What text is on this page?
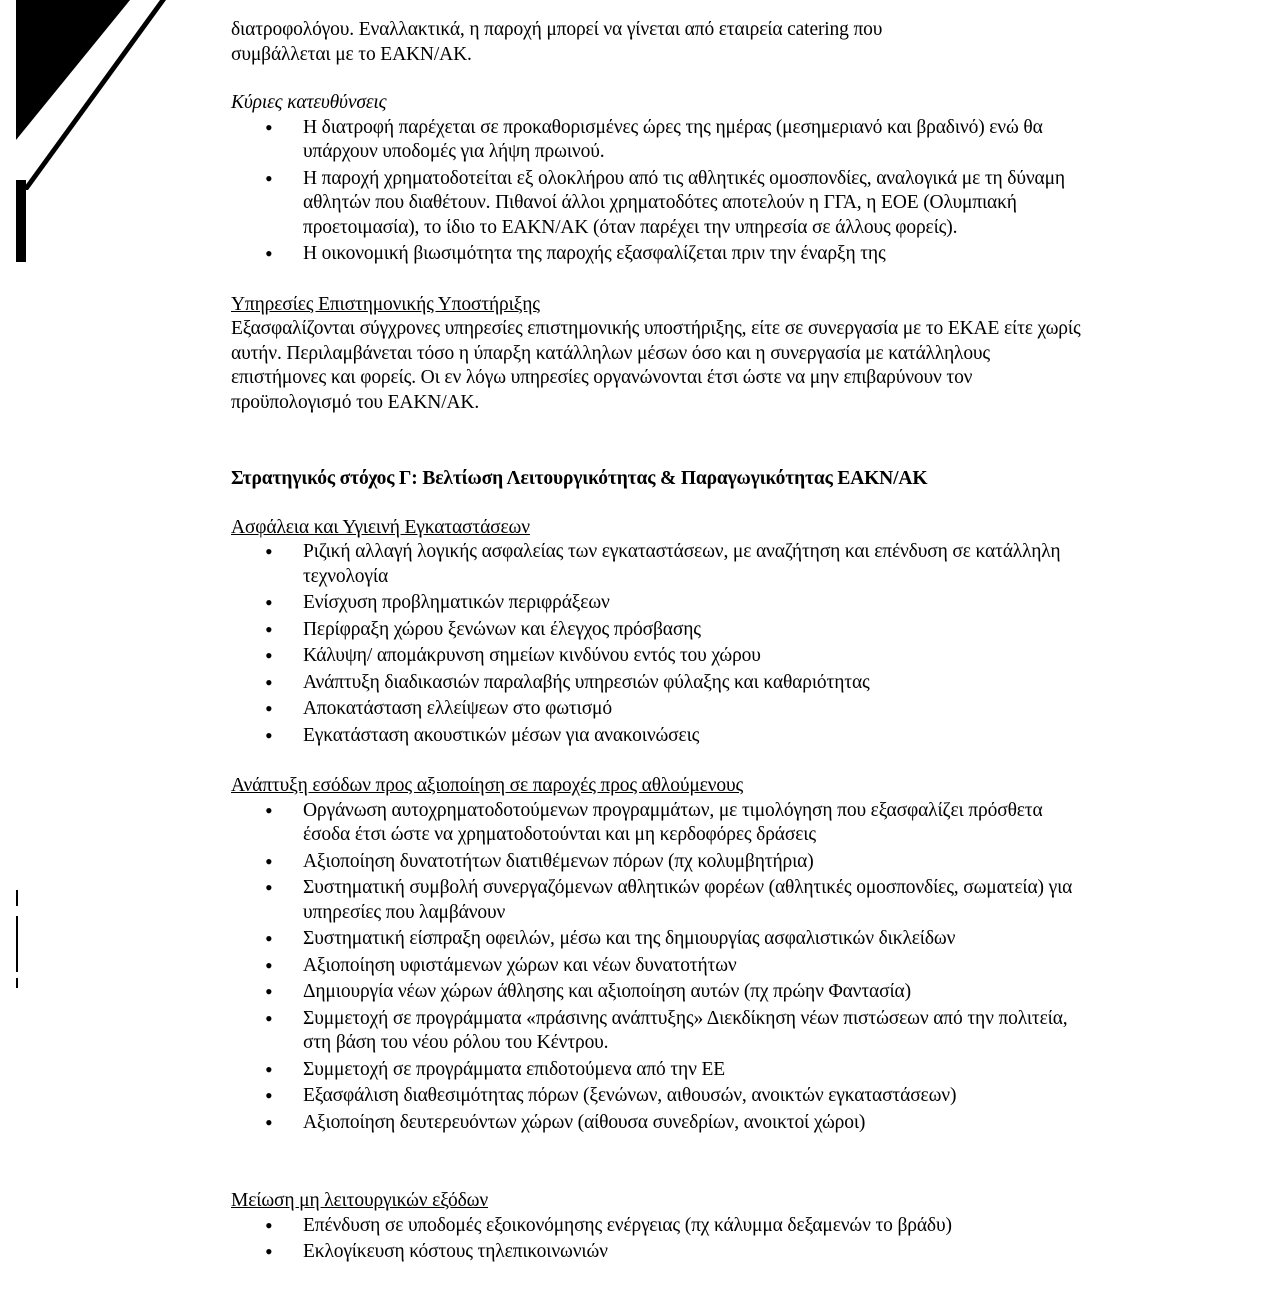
διατροφολόγου. Εναλλακτικά, η παροχή μπορεί να γίνεται από εταιρεία catering που

συμβάλλεται με το ΕΑΚΝ/ΑΚ.

Κύριες κατευθύνσεις

• Η διατροφή παρέχεται σε προκαθορισμένες ώρες της ημέρας (μεσημεριανό και βραδινό) ενώ θα υπάρχουν υποδομές για λήψη πρωινού.
• Η παροχή χρηματοδοτείται εξ ολοκλήρου από τις αθλητικές ομοσπονδίες, αναλογικά με τη δύναμη αθλητών που διαθέτουν. Πιθανοί άλλοι χρηματοδότες αποτελούν η ΓΓΑ, η ΕΟΕ (Ολυμπιακή προετοιμασία), το ίδιο το ΕΑΚΝ/ΑΚ (όταν παρέχει την υπηρεσία σε άλλους φορείς).
• Η οικονομική βιωσιμότητα της παροχής εξασφαλίζεται πριν την έναρξη της

Υπηρεσίες Επιστημονικής Υποστήριξης

Εξασφαλίζονται σύγχρονες υπηρεσίες επιστημονικής υποστήριξης, είτε σε συνεργασία με το ΕΚΑΕ είτε χωρίς αυτήν. Περιλαμβάνεται τόσο η ύπαρξη κατάλληλων μέσων όσο και η συνεργασία με κατάλληλους επιστήμονες και φορείς. Οι εν λόγω υπηρεσίες οργανώνονται έτσι ώστε να μην επιβαρύνουν τον προϋπολογισμό του ΕΑΚΝ/ΑΚ.

Στρατηγικός στόχος Γ: Βελτίωση Λειτουργικότητας & Παραγωγικότητας ΕΑΚΝ/ΑΚ

Ασφάλεια και Υγιεινή Εγκαταστάσεων

• Ριζική αλλαγή λογικής ασφαλείας των εγκαταστάσεων, με αναζήτηση και επένδυση σε κατάλληλη τεχνολογία
• Ενίσχυση προβληματικών περιφράξεων
• Περίφραξη χώρου ξενώνων και έλεγχος πρόσβασης
• Κάλυψη/ απομάκρυνση σημείων κινδύνου εντός του χώρου
• Ανάπτυξη διαδικασιών παραλαβής υπηρεσιών φύλαξης και καθαριότητας
• Αποκατάσταση ελλείψεων στο φωτισμό
• Εγκατάσταση ακουστικών μέσων για ανακοινώσεις

Ανάπτυξη εσόδων προς αξιοποίηση σε παροχές προς αθλούμενους

• Οργάνωση αυτοχρηματοδοτούμενων προγραμμάτων, με τιμολόγηση που εξασφαλίζει πρόσθετα έσοδα έτσι ώστε να χρηματοδοτούνται και μη κερδοφόρες δράσεις
• Αξιοποίηση δυνατοτήτων διατιθέμενων πόρων (πχ κολυμβητήρια)
• Συστηματική συμβολή συνεργαζόμενων αθλητικών φορέων (αθλητικές ομοσπονδίες, σωματεία) για υπηρεσίες που λαμβάνουν
• Συστηματική είσπραξη οφειλών, μέσω και της δημιουργίας ασφαλιστικών δικλείδων
• Αξιοποίηση υφιστάμενων χώρων και νέων δυνατοτήτων
• Δημιουργία νέων χώρων άθλησης και αξιοποίηση αυτών (πχ πρώην Φαντασία)
• Συμμετοχή σε προγράμματα «πράσινης ανάπτυξης» Διεκδίκηση νέων πιστώσεων από την πολιτεία, στη βάση του νέου ρόλου του Κέντρου.
• Συμμετοχή σε προγράμματα επιδοτούμενα από την ΕΕ
• Εξασφάλιση διαθεσιμότητας πόρων (ξενώνων, αιθουσών, ανοικτών εγκαταστάσεων)
• Αξιοποίηση δευτερευόντων χώρων (αίθουσα συνεδρίων, ανοικτοί χώροι)

Μείωση μη λειτουργικών εξόδων

• Επένδυση σε υποδομές εξοικονόμησης ενέργειας (πχ κάλυμμα δεξαμενών το βράδυ)
• Εκλογίκευση κόστους τηλεπικοινωνιών
